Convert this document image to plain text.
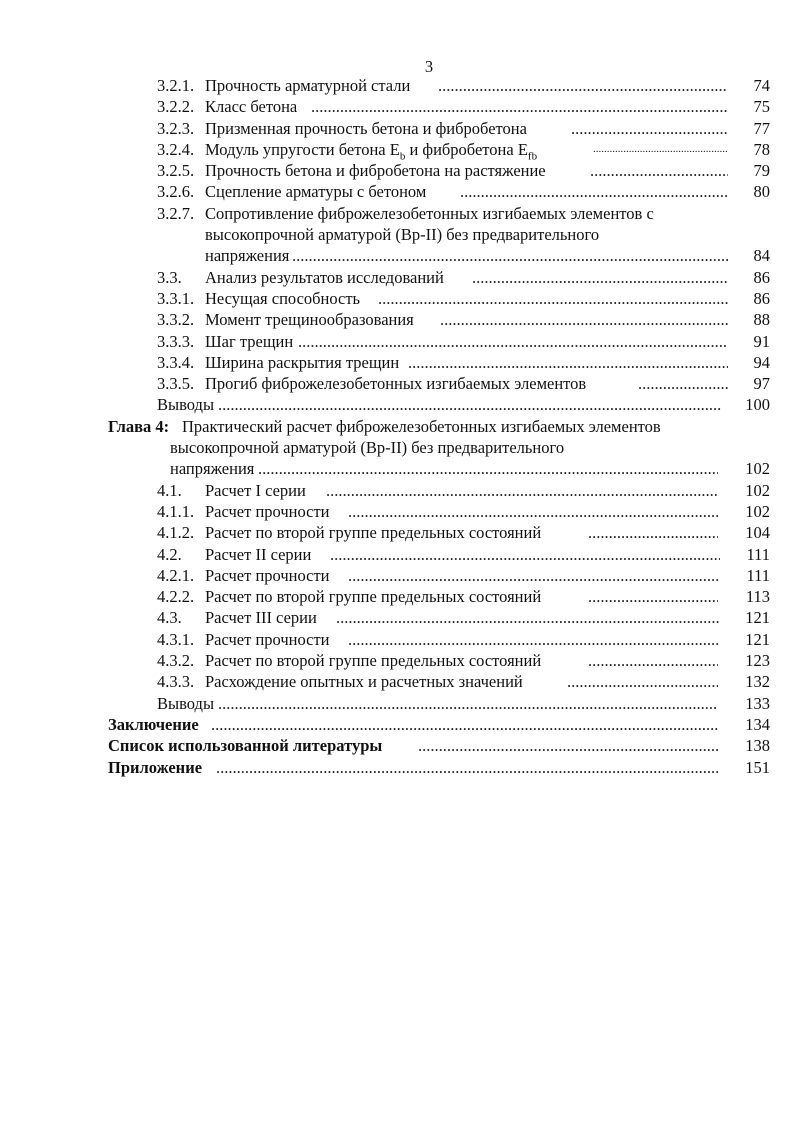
3
3.2.1. Прочность арматурной стали .....	74
3.2.2. Класс бетона .....	75
3.2.3. Призменная прочность бетона и фибробетона .....	77
3.2.4. Модуль упругости бетона $E_b$ и фибробетона $E_{fb}$ .....	78
3.2.5. Прочность бетона и фибробетона на растяжение .....	79
3.2.6. Сцепление арматуры с бетоном .....	80
3.2.7. Сопротивление фиброжелезобетонных изгибаемых элементов с
высокопрочной арматурой (Вр-II) без предварительного
напряжения .....	84
3.3. Анализ результатов исследований .....	86
3.3.1. Несущая способность .....	86
3.3.2. Момент трещинообразования .....	88
3.3.3. Шаг трещин .....	91
3.3.4. Ширина раскрытия трещин .....	94
3.3.5. Прогиб фиброжелезобетонных изгибаемых элементов .....	97
Выводы .....	100
Глава 4: Практический расчет фиброжелезобетонных изгибаемых элементов
высокопрочной арматурой (Вр-II) без предварительного
напряжения .....	102
4.1. Расчет I серии .....	102
4.1.1. Расчет прочности .....	102
4.1.2. Расчет по второй группе предельных состояний .....	104
4.2. Расчет II серии .....	111
4.2.1. Расчет прочности .....	111
4.2.2. Расчет по второй группе предельных состояний .....	113
4.3. Расчет III серии .....	121
4.3.1. Расчет прочности .....	121
4.3.2. Расчет по второй группе предельных состояний .....	123
4.3.3. Расхождение опытных и расчетных значений .....	132
Выводы .....	133
Заключение .....	134
Список использованной литературы .....	138
Приложение .....	151
